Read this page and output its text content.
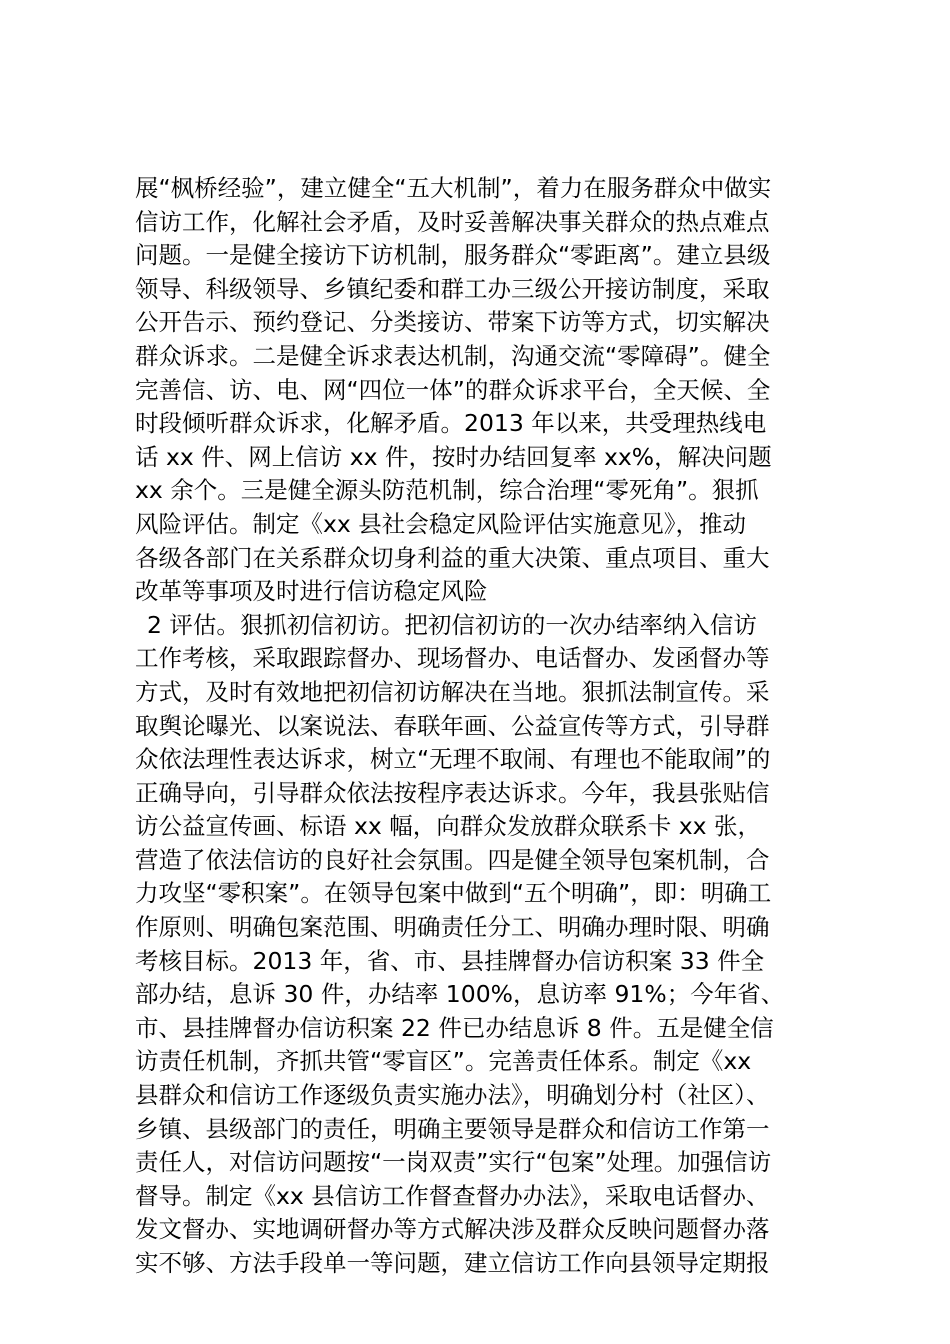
展“枫桥经验”，建立健全“五大机制”，着力在服务群众中做实
信访工作，化解社会矛盾，及时妥善解决事关群众的热点难点
问题。一是健全接访下访机制，服务群众“零距离”。建立县级
领导、科级领导、乡镇纪委和群工办三级公开接访制度，采取
公开告示、预约登记、分类接访、带案下访等方式，切实解决
群众诉求。二是健全诉求表达机制，沟通交流“零障碍”。健全
完善信、访、电、网“四位一体”的群众诉求平台，全天候、全
时段倾听群众诉求，化解矛盾。2013 年以来，共受理热线电
话 xx 件、网上信访 xx 件，按时办结回复率 xx%，解决问题
xx 余个。三是健全源头防范机制，综合治理“零死角”。狠抓
风险评估。制定《xx 县社会稳定风险评估实施意见》，推动
各级各部门在关系群众切身利益的重大决策、重点项目、重大
改革等事项及时进行信访稳定风险
2 评估。狠抓初信初访。把初信初访的一次办结率纳入信访
工作考核，采取跟踪督办、现场督办、电话督办、发函督办等
方式，及时有效地把初信初访解决在当地。狠抓法制宣传。采
取舆论曝光、以案说法、春联年画、公益宣传等方式，引导群
众依法理性表达诉求，树立“无理不取闹、有理也不能取闹”的
正确导向，引导群众依法按程序表达诉求。今年，我县张贴信
访公益宣传画、标语 xx 幅，向群众发放群众联系卡 xx 张，
营造了依法信访的良好社会氛围。四是健全领导包案机制，合
力攻坚“零积案”。在领导包案中做到“五个明确”，即：明确工
作原则、明确包案范围、明确责任分工、明确办理时限、明确
考核目标。2013 年，省、市、县挂牌督办信访积案 33 件全
部办结，息诉 30 件，办结率 100%，息访率 91%；今年省、
市、县挂牌督办信访积案 22 件已办结息诉 8 件。五是健全信
访责任机制，齐抓共管“零盲区”。完善责任体系。制定《xx
县群众和信访工作逐级负责实施办法》，明确划分村（社区）、
乡镇、县级部门的责任，明确主要领导是群众和信访工作第一
责任人，对信访问题按“一岗双责”实行“包案”处理。加强信访
督导。制定《xx 县信访工作督查督办办法》，采取电话督办、
发文督办、实地调研督办等方式解决涉及群众反映问题督办落
实不够、方法手段单一等问题，建立信访工作向县领导定期报
